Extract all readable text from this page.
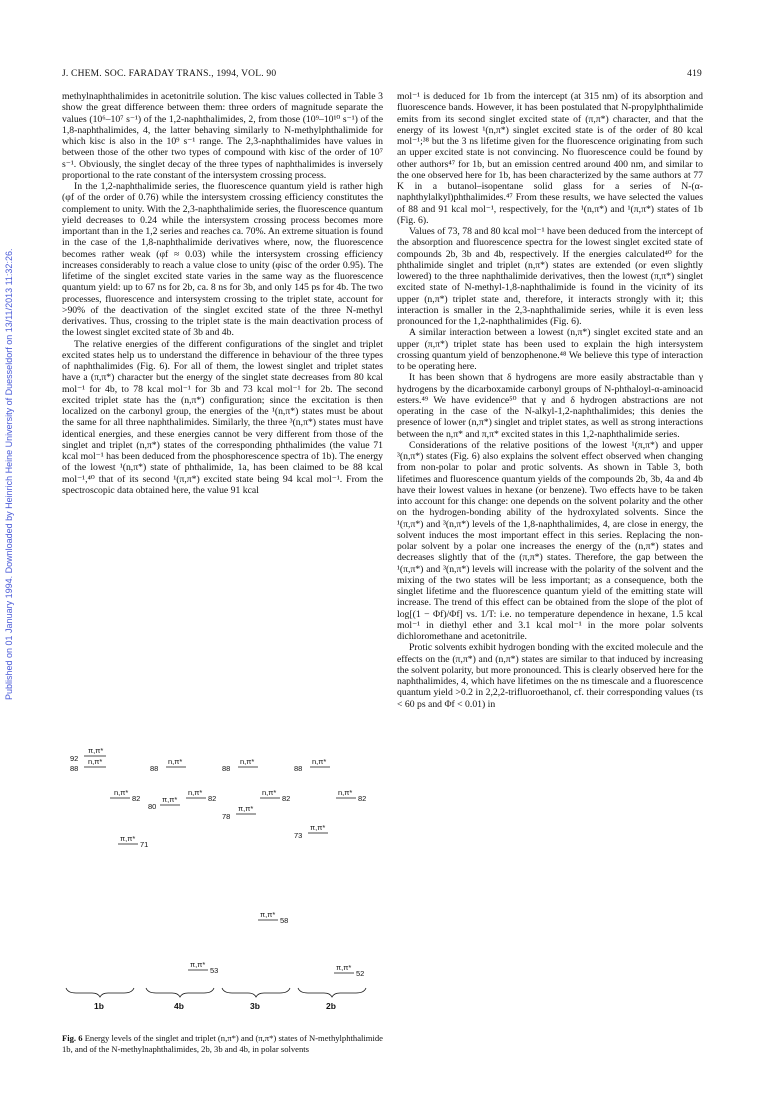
J. CHEM. SOC. FARADAY TRANS., 1994, VOL. 90	419
Published on 01 January 1994. Downloaded by Heinrich Heine University of Duesseldorf on 13/11/2013 11:32:26.

methylnaphthalimides in acetonitrile solution. The kisc values collected in Table 3 show the great difference between them: three orders of magnitude separate the values (10⁶–10⁷ s⁻¹) of the 1,2-naphthalimides, 2, from those (10⁹–10¹⁰ s⁻¹) of the 1,8-naphthalimides, 4, the latter behaving similarly to N-methylphthalimide for which kisc is also in the 10⁹ s⁻¹ range. The 2,3-naphthalimides have values in between those of the other two types of compound with kisc of the order of 10⁷ s⁻¹. Obviously, the singlet decay of the three types of naphthalimides is inversely proportional to the rate constant of the intersystem crossing process.

In the 1,2-naphthalimide series, the fluorescence quantum yield is rather high (φf of the order of 0.76) while the intersystem crossing efficiency constitutes the complement to unity. With the 2,3-naphthalimide series, the fluorescence quantum yield decreases to 0.24 while the intersystem crossing process becomes more important than in the 1,2 series and reaches ca. 70%. An extreme situation is found in the case of the 1,8-naphthalimide derivatives where, now, the fluorescence becomes rather weak (φf ≈ 0.03) while the intersystem crossing efficiency increases considerably to reach a value close to unity (φisc of the order 0.95). The lifetime of the singlet excited state varies in the same way as the fluorescence quantum yield: up to 67 ns for 2b, ca. 8 ns for 3b, and only 145 ps for 4b. The two processes, fluorescence and intersystem crossing to the triplet state, account for >90% of the deactivation of the singlet excited state of the three N-methyl derivatives. Thus, crossing to the triplet state is the main deactivation process of the lowest singlet excited state of 3b and 4b.

The relative energies of the different configurations of the singlet and triplet excited states help us to understand the difference in behaviour of the three types of naphthalimides (Fig. 6). For all of them, the lowest singlet and triplet states have a (π,π*) character but the energy of the singlet state decreases from 80 kcal mol⁻¹ for 4b, to 78 kcal mol⁻¹ for 3b and 73 kcal mol⁻¹ for 2b. The second excited triplet state has the (n,π*) configuration; since the excitation is then localized on the carbonyl group, the energies of the ¹(n,π*) states must be about the same for all three naphthalimides. Similarly, the three ³(n,π*) states must have identical energies, and these energies cannot be very different from those of the singlet and triplet (n,π*) states of the corresponding phthalimides (the value 71 kcal mol⁻¹ has been deduced from the phosphorescence spectra of 1b). The energy of the lowest ¹(n,π*) state of phthalimide, 1a, has been claimed to be 88 kcal mol⁻¹,⁴⁰ that of its second ¹(π,π*) excited state being 94 kcal mol⁻¹. From the spectroscopic data obtained here, the value 91 kcal

mol⁻¹ is deduced for 1b from the intercept (at 315 nm) of its absorption and fluorescence bands. However, it has been postulated that N-propylphthalimide emits from its second singlet excited state of (π,π*) character, and that the energy of its lowest ¹(n,π*) singlet excited state is of the order of 80 kcal mol⁻¹;³⁸ but the 3 ns lifetime given for the fluorescence originating from such an upper excited state is not convincing. No fluorescence could be found by other authors⁴⁷ for 1b, but an emission centred around 400 nm, and similar to the one observed here for 1b, has been characterized by the same authors at 77 K in a butanol–isopentane solid glass for a series of N-(α-naphthylalkyl)phthalimides.⁴⁷ From these results, we have selected the values of 88 and 91 kcal mol⁻¹, respectively, for the ¹(n,π*) and ¹(π,π*) states of 1b (Fig. 6).

Values of 73, 78 and 80 kcal mol⁻¹ have been deduced from the intercept of the absorption and fluorescence spectra for the lowest singlet excited state of compounds 2b, 3b and 4b, respectively. If the energies calculated⁴⁰ for the phthalimide singlet and triplet (n,π*) states are extended (or even slightly lowered) to the three naphthalimide derivatives, then the lowest (π,π*) singlet excited state of N-methyl-1,8-naphthalimide is found in the vicinity of its upper (n,π*) triplet state and, therefore, it interacts strongly with it; this interaction is smaller in the 2,3-naphthalimide series, while it is even less pronounced for the 1,2-naphthalimides (Fig. 6).

A similar interaction between a lowest (n,π*) singlet excited state and an upper (π,π*) triplet state has been used to explain the high intersystem crossing quantum yield of benzophenone.⁴⁸ We believe this type of interaction to be operating here.

It has been shown that δ hydrogens are more easily abstractable than γ hydrogens by the dicarboxamide carbonyl groups of N-phthaloyl-α-aminoacid esters.⁴⁹ We have evidence⁵⁰ that γ and δ hydrogen abstractions are not operating in the case of the N-alkyl-1,2-naphthalimides; this denies the presence of lower (n,π*) singlet and triplet states, as well as strong interactions between the n,π* and π,π* excited states in this 1,2-naphthalimide series.

Considerations of the relative positions of the lowest ¹(π,π*) and upper ³(n,π*) states (Fig. 6) also explains the solvent effect observed when changing from non-polar to polar and protic solvents. As shown in Table 3, both lifetimes and fluorescence quantum yields of the compounds 2b, 3b, 4a and 4b have their lowest values in hexane (or benzene). Two effects have to be taken into account for this change: one depends on the solvent polarity and the other on the hydrogen-bonding ability of the hydroxylated solvents. Since the ¹(π,π*) and ³(n,π*) levels of the 1,8-naphthalimides, 4, are close in energy, the solvent induces the most important effect in this series. Replacing the non-polar solvent by a polar one increases the energy of the (n,π*) states and decreases slightly that of the (π,π*) states. Therefore, the gap between the ¹(π,π*) and ³(n,π*) levels will increase with the polarity of the solvent and the mixing of the two states will be less important; as a consequence, both the singlet lifetime and the fluorescence quantum yield of the emitting state will increase. The trend of this effect can be obtained from the slope of the plot of log[(1 − Φf)/Φf] vs. 1/T: i.e. no temperature dependence in hexane, 1.5 kcal mol⁻¹ in diethyl ether and 3.1 kcal mol⁻¹ in the more polar solvents dichloromethane and acetonitrile.

Protic solvents exhibit hydrogen bonding with the excited molecule and the effects on the (π,π*) and (n,π*) states are similar to that induced by increasing the solvent polarity, but more pronounced. This is clearly observed here for the naphthalimides, 4, which have lifetimes on the ns timescale and a fluorescence quantum yield >0.2 in 2,2,2-trifluoroethanol, cf. their corresponding values (τs < 60 ps and Φf < 0.01) in

π,π*
92 n,π*
88
n,π*
82
π,π*
71
n,π*
88
π,π*
80
n,π*
82
π,π*
53
n,π*
88
π,π*
78
n,π*
82
π,π*
58
n,π*
88
n,π*
82
π,π*
73
π,π*
52
1b	4b	3b	2b
Fig. 6 Energy levels of the singlet and triplet (n,π*) and (π,π*) states of N-methylphthalimide 1b, and of the N-methylnaphthalimides, 2b, 3b and 4b, in polar solvents
